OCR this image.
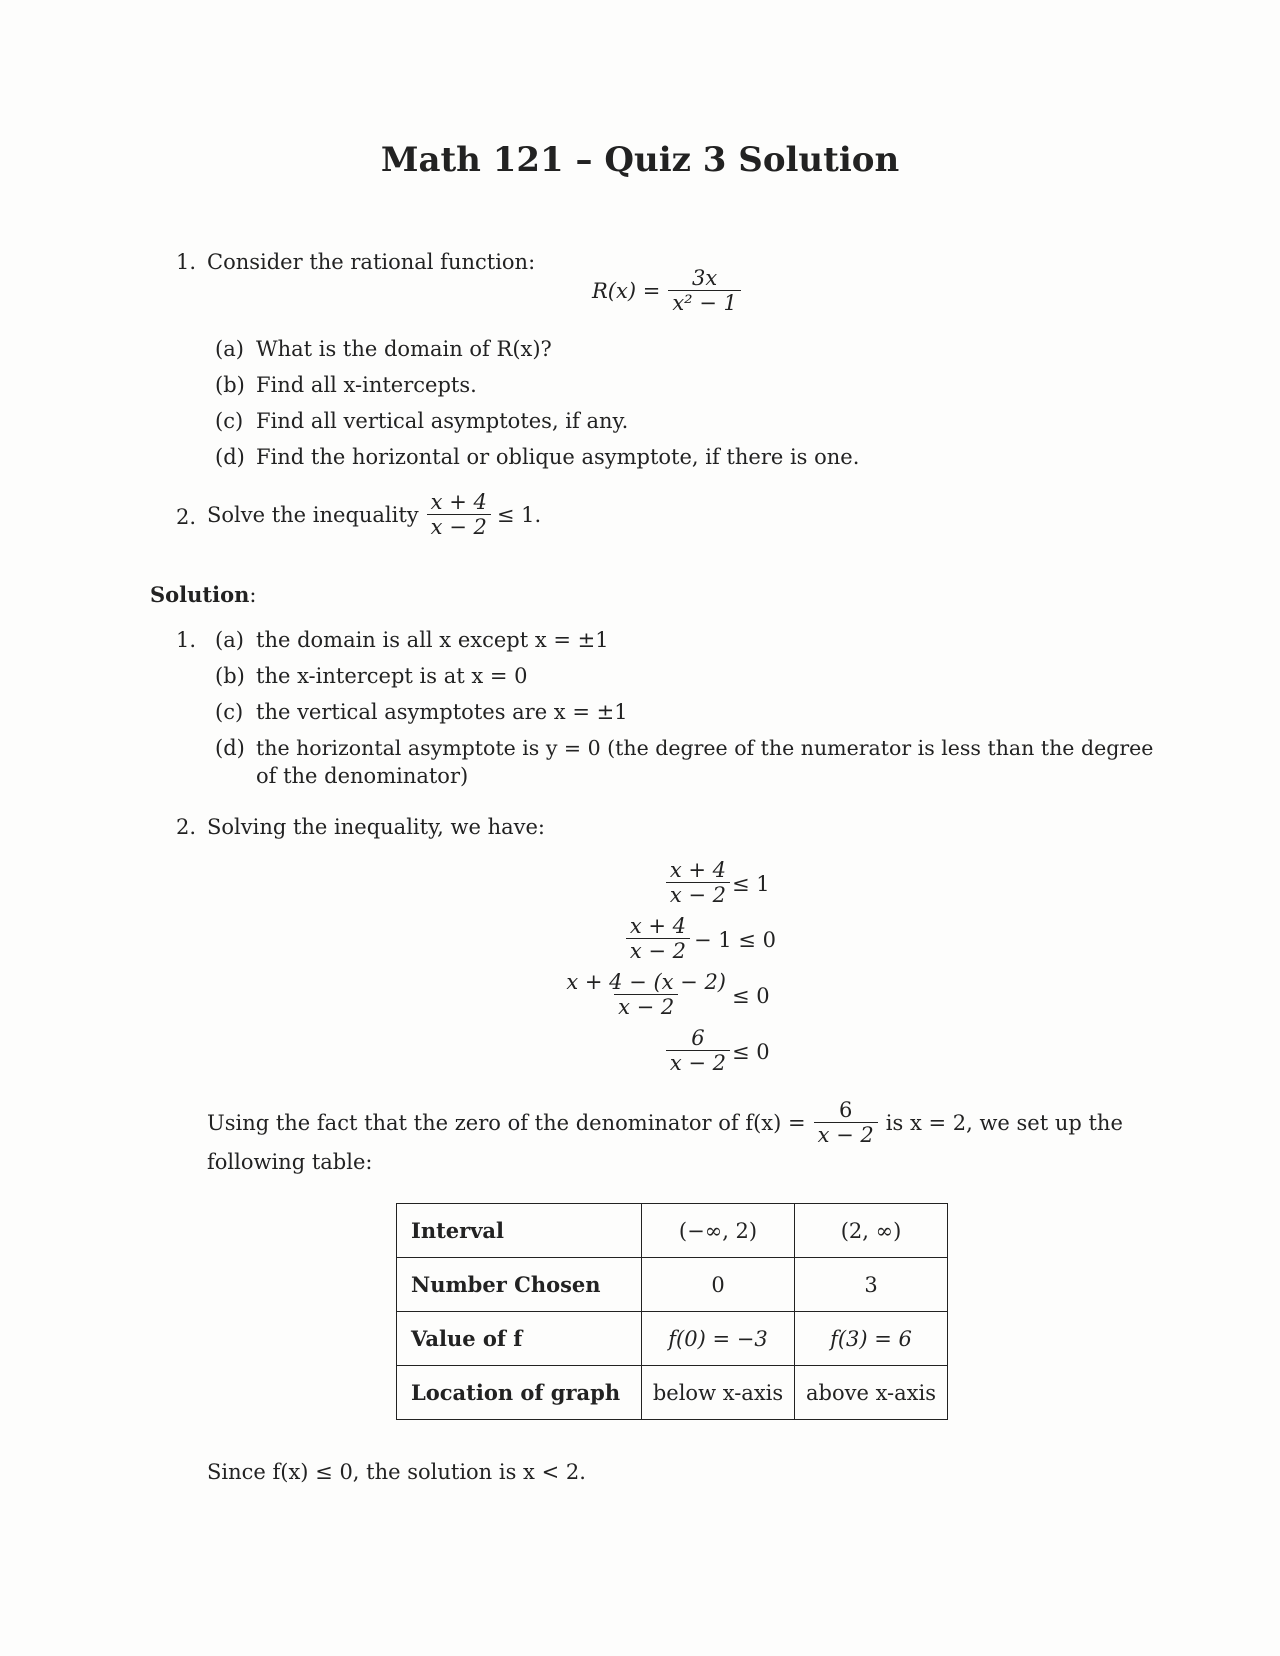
Math 121 – Quiz 3 Solution
1. Consider the rational function:
$R(x) = \frac{3x}{\text{x² − 1}}$
(a) What is the domain of R(x)?
(b) Find all x-intercepts.
(c) Find all vertical asymptotes, if any.
(d) Find the horizontal or oblique asymptote, if there is one.
2. Solve the inequality $\frac{x + 4}{x - 2} \le 1$.
Solution:
1. (a) the domain is all x except x = ±1
(b) the x-intercept is at x = 0
(c) the vertical asymptotes are x = ±1
(d) the horizontal asymptote is y = 0 (the degree of the numerator is less than the degree
of the denominator)
2. Solving the inequality, we have:
$\frac{x + 4}{x - 2} \le 1$
$\frac{x + 4}{x - 2} - 1 \le 0$
$\frac{x + 4 - (x - 2)}{x - 2} \le 0$
$\frac{6}{x - 2} \le 0$
Using the fact that the zero of the denominator of $f(x) = \frac{6}{x - 2}$ is x = 2, we set up the
following table:
Interval	(−∞, 2)	(2, ∞)
Number Chosen	0	3
Value of f	f(0) = −3	f(3) = 6
Location of graph	below x-axis	above x-axis
Since f(x) ≤ 0, the solution is x < 2.
